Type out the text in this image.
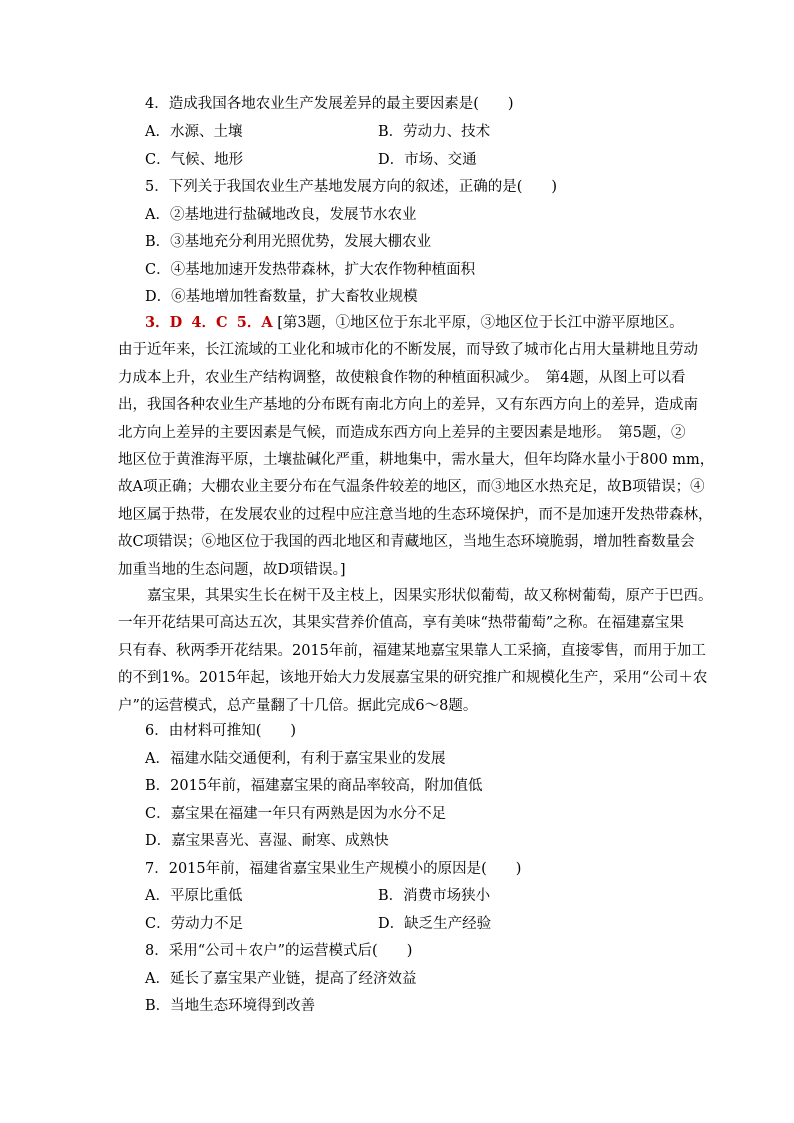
4．造成我国各地农业生产发展差异的最主要因素是(　　)
A．水源、土壤	B．劳动力、技术
C．气候、地形	D．市场、交通
5．下列关于我国农业生产基地发展方向的叙述，正确的是(　　)
A．②基地进行盐碱地改良，发展节水农业
B．③基地充分利用光照优势，发展大棚农业
C．④基地加速开发热带森林，扩大农作物种植面积
D．⑥基地增加牲畜数量，扩大畜牧业规模
3．D 4．C 5．A [第3题，①地区位于东北平原，③地区位于长江中游平原地区。
由于近年来，长江流域的工业化和城市化的不断发展，而导致了城市化占用大量耕地且劳动
力成本上升，农业生产结构调整，故使粮食作物的种植面积减少。　第4题，从图上可以看
出，我国各种农业生产基地的分布既有南北方向上的差异，又有东西方向上的差异，造成南
北方向上差异的主要因素是气候，而造成东西方向上差异的主要因素是地形。　第5题，②
地区位于黄淮海平原，土壤盐碱化严重，耕地集中，需水量大，但年均降水量小于800 mm，
故A项正确；大棚农业主要分布在气温条件较差的地区，而③地区水热充足，故B项错误；④
地区属于热带，在发展农业的过程中应注意当地的生态环境保护，而不是加速开发热带森林，
故C项错误；⑥地区位于我国的西北地区和青藏地区，当地生态环境脆弱，增加牲畜数量会
加重当地的生态问题，故D项错误。]
　　嘉宝果，其果实生长在树干及主枝上，因果实形状似葡萄，故又称树葡萄，原产于巴西。
一年开花结果可高达五次，其果实营养价值高，享有美味“热带葡萄”之称。在福建嘉宝果
只有春、秋两季开花结果。2015年前，福建某地嘉宝果靠人工采摘，直接零售，而用于加工
的不到1%。2015年起，该地开始大力发展嘉宝果的研究推广和规模化生产，采用“公司＋农
户”的运营模式，总产量翻了十几倍。据此完成6～8题。
6．由材料可推知(　　)
A．福建水陆交通便利，有利于嘉宝果业的发展
B．2015年前，福建嘉宝果的商品率较高，附加值低
C．嘉宝果在福建一年只有两熟是因为水分不足
D．嘉宝果喜光、喜湿、耐寒、成熟快
7．2015年前，福建省嘉宝果业生产规模小的原因是(　　)
A．平原比重低	B．消费市场狭小
C．劳动力不足	D．缺乏生产经验
8．采用“公司＋农户”的运营模式后(　　)
A．延长了嘉宝果产业链，提高了经济效益
B．当地生态环境得到改善
